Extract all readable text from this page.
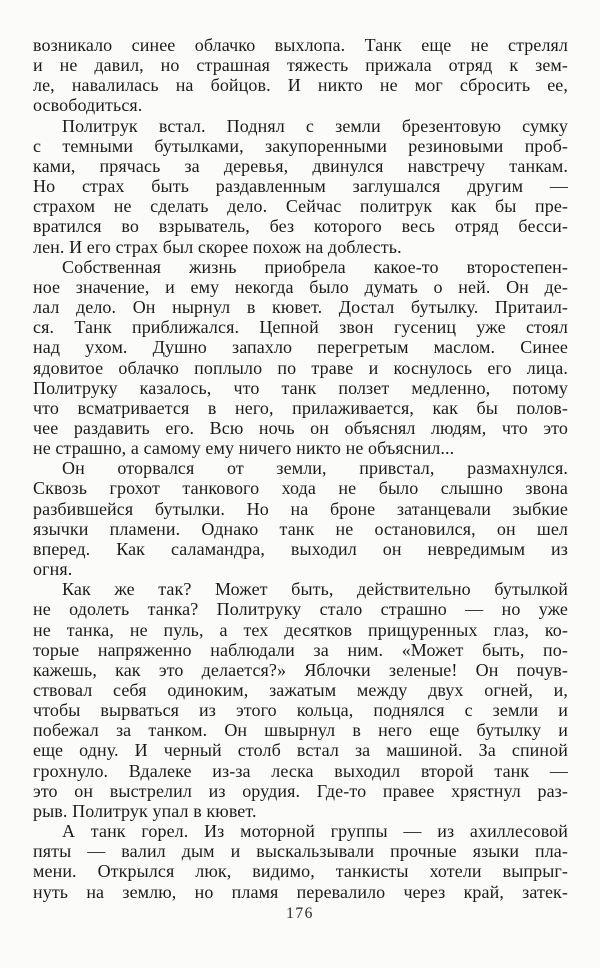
возникало синее облачко выхлопа. Танк еще не стрелял
и не давил, но страшная тяжесть прижала отряд к зем-
ле, навалилась на бойцов. И никто не мог сбросить ее,
освободиться.

Политрук встал. Поднял с земли брезентовую сумку
с темными бутылками, закупоренными резиновыми проб-
ками, прячась за деревья, двинулся навстречу танкам.
Но страх быть раздавленным заглушался другим —
страхом не сделать дело. Сейчас политрук как бы пре-
вратился во взрыватель, без которого весь отряд бесси-
лен. И его страх был скорее похож на доблесть.

Собственная жизнь приобрела какое-то второстепен-
ное значение, и ему некогда было думать о ней. Он де-
лал дело. Он нырнул в кювет. Достал бутылку. Притаил-
ся. Танк приближался. Цепной звон гусениц уже стоял
над ухом. Душно запахло перегретым маслом. Синее
ядовитое облачко поплыло по траве и коснулось его лица.
Политруку казалось, что танк ползет медленно, потому
что всматривается в него, прилаживается, как бы полов-
чее раздавить его. Всю ночь он объяснял людям, что это
не страшно, а самому ему ничего никто не объяснил...

Он оторвался от земли, привстал, размахнулся.
Сквозь грохот танкового хода не было слышно звона
разбившейся бутылки. Но на броне затанцевали зыбкие
язычки пламени. Однако танк не остановился, он шел
вперед. Как саламандра, выходил он невредимым из
огня.

Как же так? Может быть, действительно бутылкой
не одолеть танка? Политруку стало страшно — но уже
не танка, не пуль, а тех десятков прищуренных глаз, ко-
торые напряженно наблюдали за ним. «Может быть, по-
кажешь, как это делается?» Яблочки зеленые! Он почув-
ствовал себя одиноким, зажатым между двух огней, и,
чтобы вырваться из этого кольца, поднялся с земли и
побежал за танком. Он швырнул в него еще бутылку и
еще одну. И черный столб встал за машиной. За спиной
грохнуло. Вдалеке из-за леска выходил второй танк —
это он выстрелил из орудия. Где-то правее хрястнул раз-
рыв. Политрук упал в кювет.

А танк горел. Из моторной группы — из ахиллесовой
пяты — валил дым и выскальзывали прочные языки пла-
мени. Открылся люк, видимо, танкисты хотели выпрыг-
нуть на землю, но пламя перевалило через край, затек-

176
